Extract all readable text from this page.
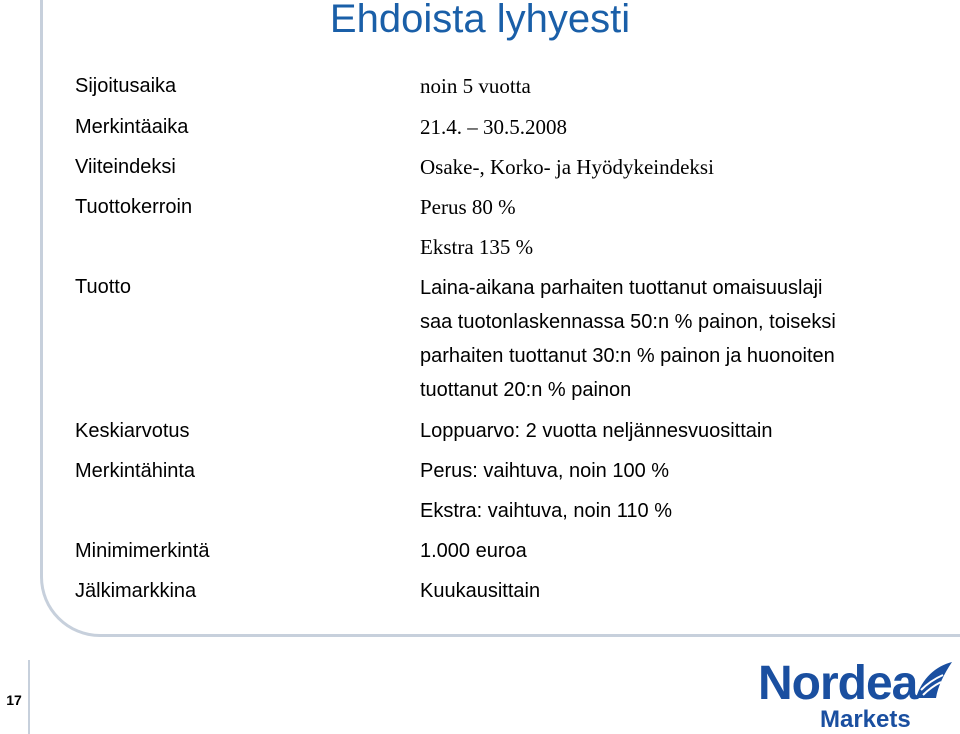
Ehdoista lyhyesti
Sijoitusaika	noin 5 vuotta
Merkintäaika	21.4. – 30.5.2008
Viiteindeksi	Osake-, Korko- ja Hyödykeindeksi
Tuottokerroin	Perus 80 %
Ekstra 135 %
Tuotto	Laina-aikana parhaiten tuottanut omaisuuslaji
saa tuotonlaskennassa 50:n % painon, toiseksi
parhaiten tuottanut 30:n % painon ja huonoiten
tuottanut 20:n % painon
Keskiarvotus	Loppuarvo: 2 vuotta neljännesvuosittain
Merkintähinta	Perus: vaihtuva, noin 100 %
Ekstra: vaihtuva, noin 110 %
Minimimerkintä	1.000 euroa
Jälkimarkkina	Kuukausittain
17	Nordea
Markets
